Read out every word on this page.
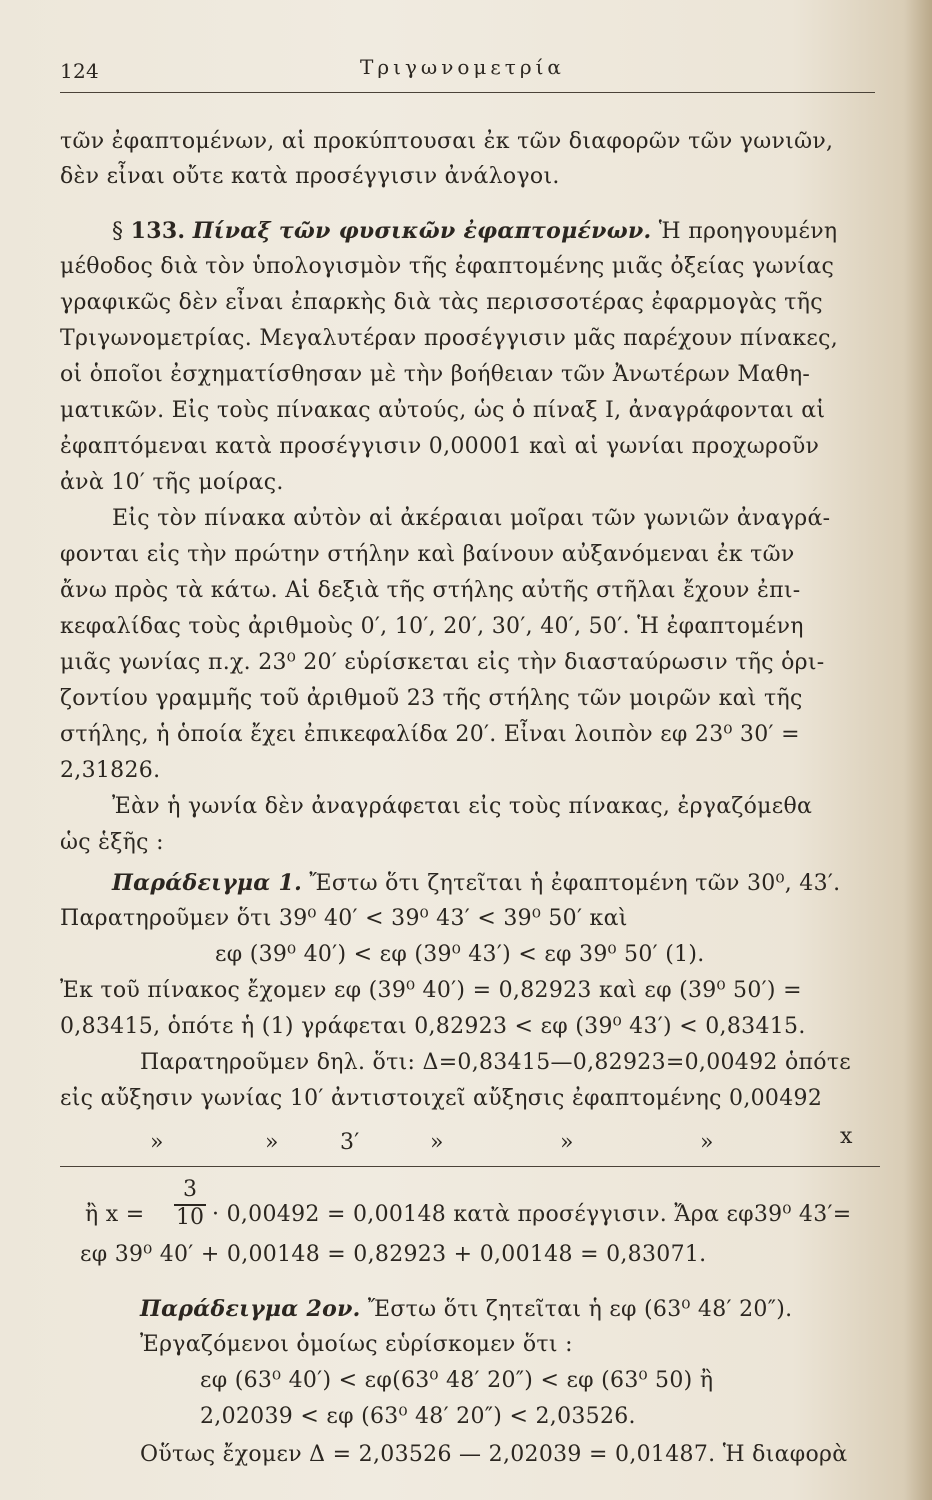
124	Τριγωνομετρία
τῶν ἐφαπτομένων, αἱ προκύπτουσαι ἐκ τῶν διαφορῶν τῶν γωνιῶν,
δὲν εἶναι οὔτε κατὰ προσέγγισιν ἀνάλογοι.
§ 133. Πίναξ τῶν φυσικῶν ἐφαπτομένων. Ἡ προηγουμένη
μέθοδος διὰ τὸν ὑπολογισμὸν τῆς ἐφαπτομένης μιᾶς ὀξείας γωνίας
γραφικῶς δὲν εἶναι ἐπαρκὴς διὰ τὰς περισσοτέρας ἐφαρμογὰς τῆς
Τριγωνομετρίας. Μεγαλυτέραν προσέγγισιν μᾶς παρέχουν πίνακες,
οἱ ὁποῖοι ἐσχηματίσθησαν μὲ τὴν βοήθειαν τῶν Ἀνωτέρων Μαθη-
ματικῶν. Εἰς τοὺς πίνακας αὐτούς, ὡς ὁ πίναξ I, ἀναγράφονται αἱ
ἐφαπτόμεναι κατὰ προσέγγισιν 0,00001 καὶ αἱ γωνίαι προχωροῦν
ἀνὰ 10′ τῆς μοίρας.
Εἰς τὸν πίνακα αὐτὸν αἱ ἀκέραιαι μοῖραι τῶν γωνιῶν ἀναγρά-
φονται εἰς τὴν πρώτην στήλην καὶ βαίνουν αὐξανόμεναι ἐκ τῶν
ἄνω πρὸς τὰ κάτω. Αἱ δεξιὰ τῆς στήλης αὐτῆς στῆλαι ἔχουν ἐπι-
κεφαλίδας τοὺς ἀριθμοὺς 0′, 10′, 20′, 30′, 40′, 50′. Ἡ ἐφαπτομένη
μιᾶς γωνίας π.χ. 23⁰ 20′ εὑρίσκεται εἰς τὴν διασταύρωσιν τῆς ὁρι-
ζοντίου γραμμῆς τοῦ ἀριθμοῦ 23 τῆς στήλης τῶν μοιρῶν καὶ τῆς
στήλης, ἡ ὁποία ἔχει ἐπικεφαλίδα 20′. Εἶναι λοιπὸν εφ 23⁰ 30′ =
2,31826.
Ἐὰν ἡ γωνία δὲν ἀναγράφεται εἰς τοὺς πίνακας, ἐργαζόμεθα
ὡς ἑξῆς :
Παράδειγμα 1. Ἔστω ὅτι ζητεῖται ἡ ἐφαπτομένη τῶν 30⁰, 43′.
Παρατηροῦμεν ὅτι 39⁰ 40′ < 39⁰ 43′ < 39⁰ 50′ καὶ
εφ (39⁰ 40′) < εφ (39⁰ 43′) < εφ 39⁰ 50′ (1).
Ἐκ τοῦ πίνακος ἔχομεν εφ (39⁰ 40′) = 0,82923 καὶ εφ (39⁰ 50′) =
0,83415, ὁπότε ἡ (1) γράφεται 0,82923 < εφ (39⁰ 43′) < 0,83415.
Παρατηροῦμεν δηλ. ὅτι: Δ=0,83415—0,82923=0,00492 ὁπότε
εἰς αὔξησιν γωνίας 10′ ἀντιστοιχεῖ αὔξησις ἐφαπτομένης 0,00492
»	»	3′	»	»	»	x
ἢ x =
3
10 · 0,00492 = 0,00148 κατὰ προσέγγισιν. Ἄρα εφ39⁰ 43′=
εφ 39⁰ 40′ + 0,00148 = 0,82923 + 0,00148 = 0,83071.
Παράδειγμα 2ον. Ἔστω ὅτι ζητεῖται ἡ εφ (63⁰ 48′ 20″).
Ἐργαζόμενοι ὁμοίως εὑρίσκομεν ὅτι :
εφ (63⁰ 40′) < εφ(63⁰ 48′ 20″) < εφ (63⁰ 50) ἢ
2,02039 < εφ (63⁰ 48′ 20″) < 2,03526.
Οὕτως ἔχομεν Δ = 2,03526 — 2,02039 = 0,01487. Ἡ διαφορὰ
